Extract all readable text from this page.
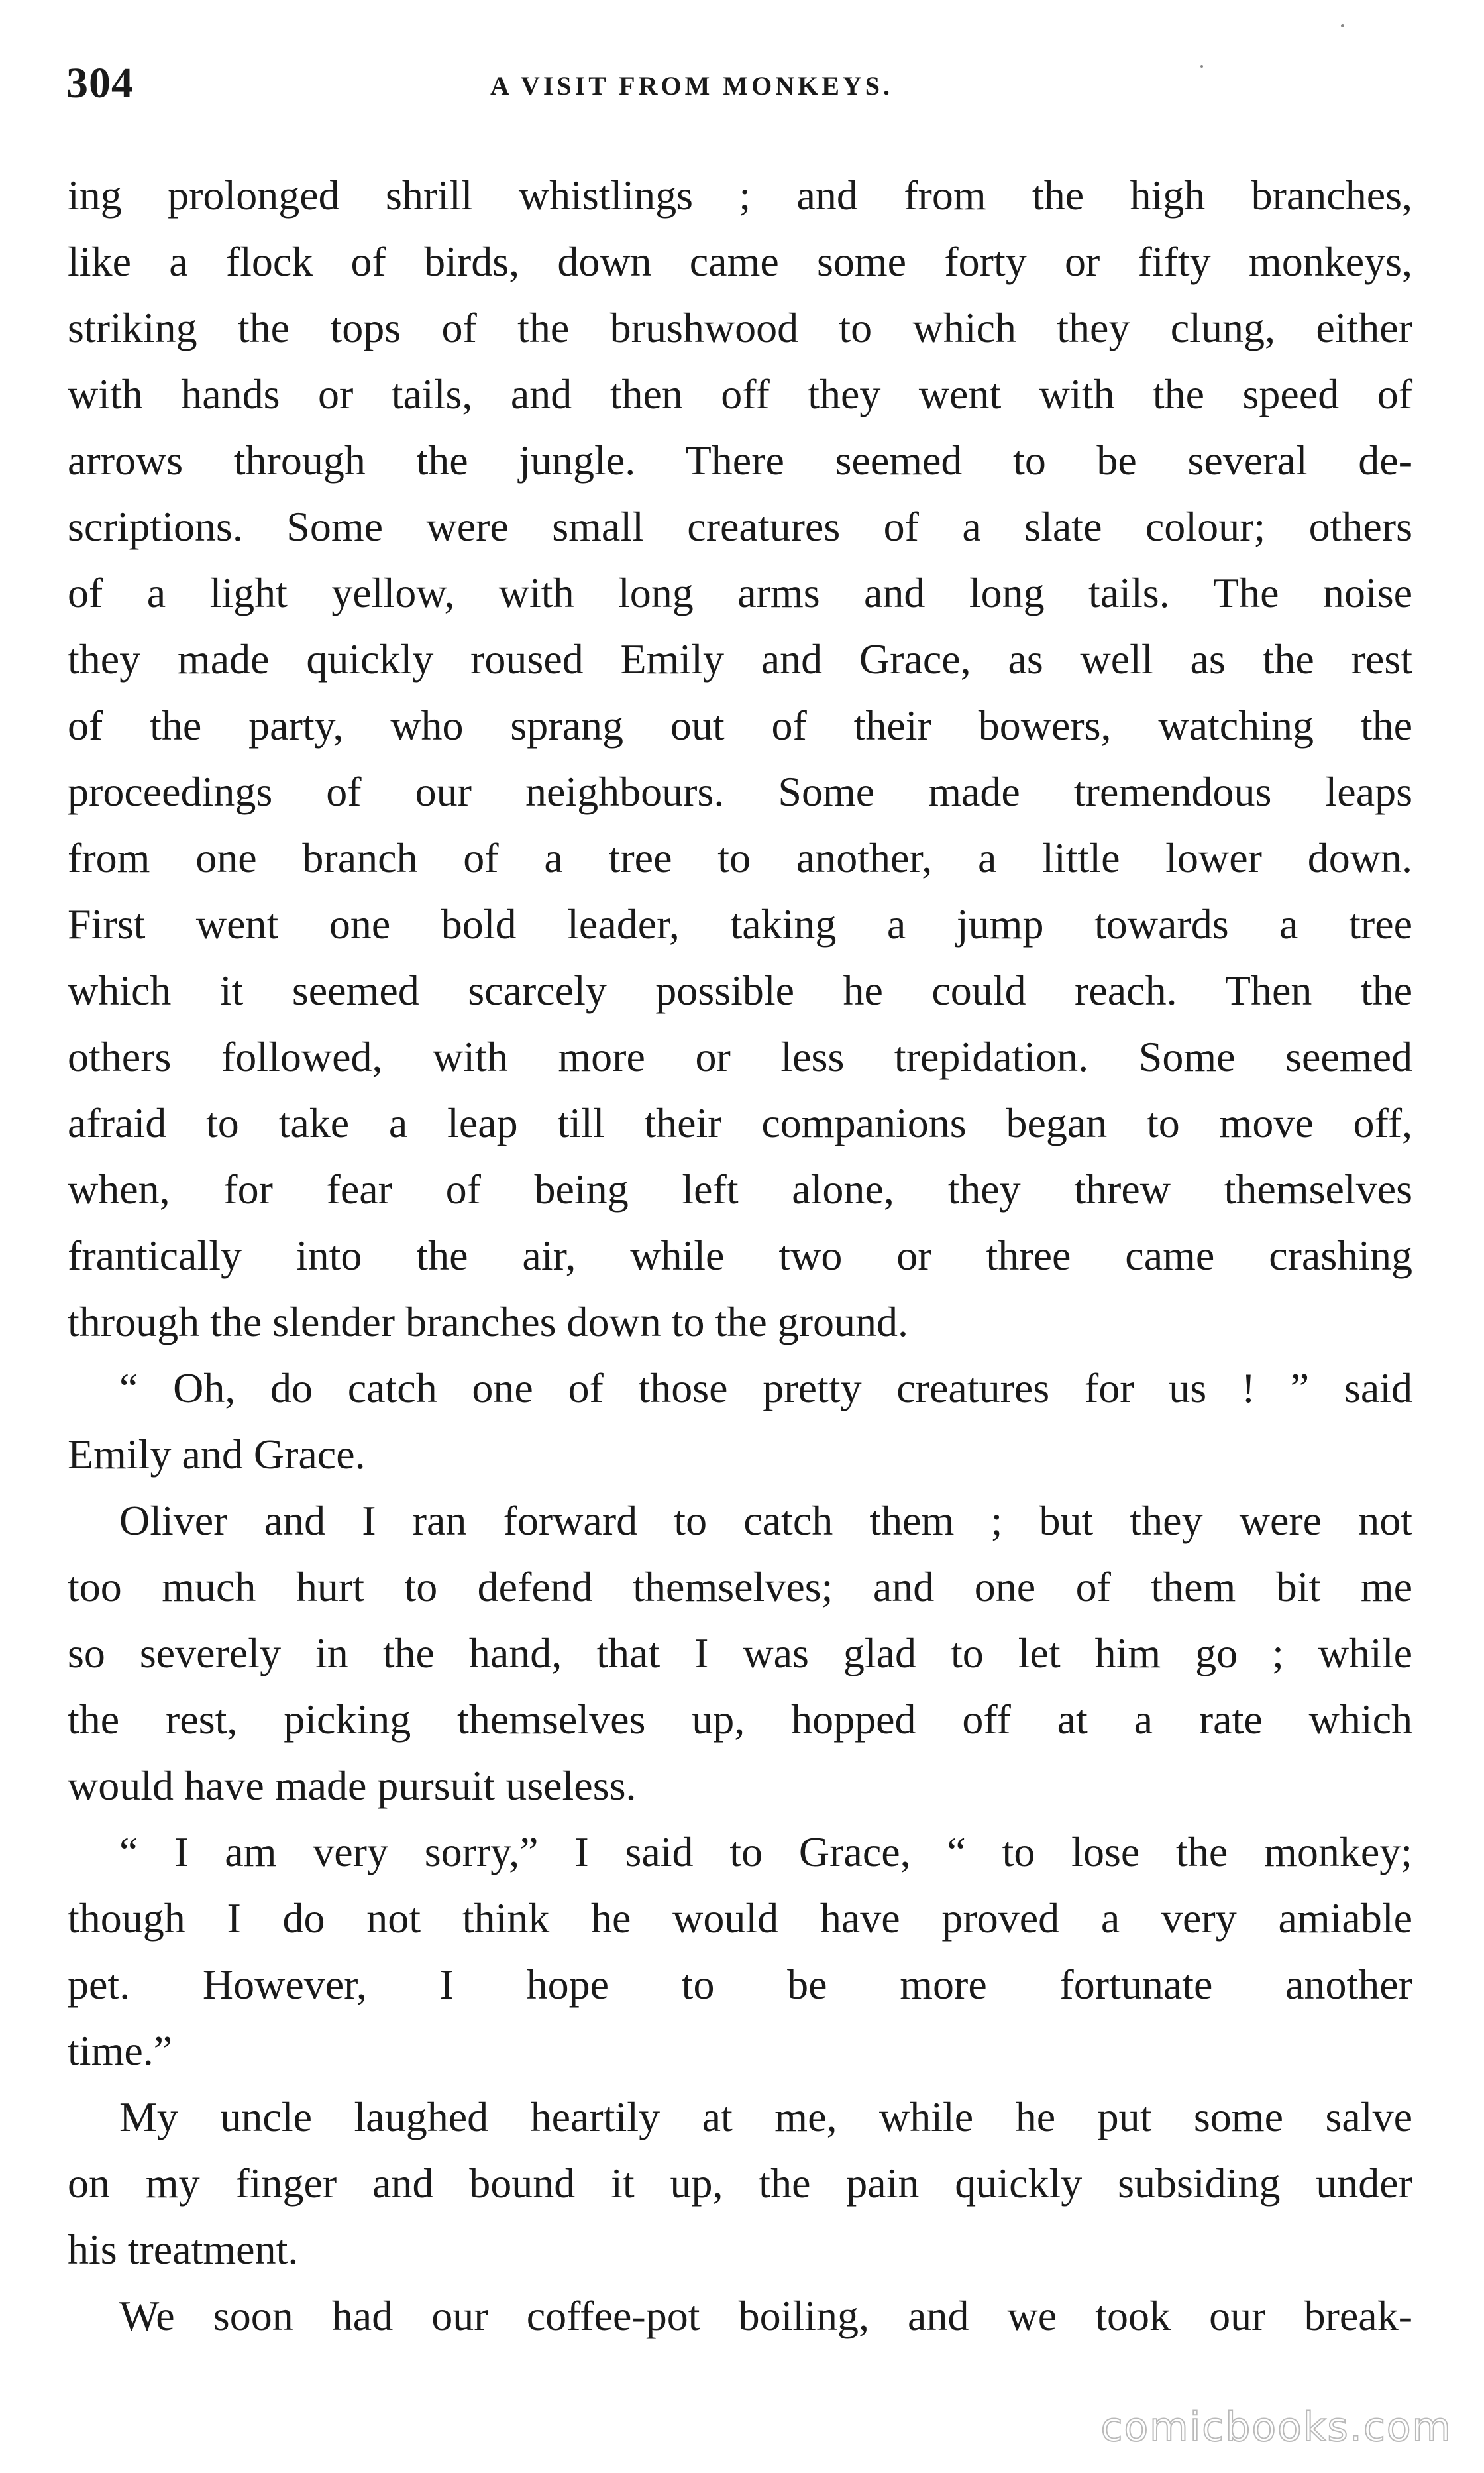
304	A VISIT FROM MONKEYS.
ing prolonged shrill whistlings ; and from the high branches,
like a flock of birds, down came some forty or fifty monkeys,
striking the tops of the brushwood to which they clung, either
with hands or tails, and then off they went with the speed of
arrows through the jungle. There seemed to be several de-
scriptions. Some were small creatures of a slate colour; others
of a light yellow, with long arms and long tails. The noise
they made quickly roused Emily and Grace, as well as the rest
of the party, who sprang out of their bowers, watching the
proceedings of our neighbours. Some made tremendous leaps
from one branch of a tree to another, a little lower down.
First went one bold leader, taking a jump towards a tree
which it seemed scarcely possible he could reach. Then the
others followed, with more or less trepidation. Some seemed
afraid to take a leap till their companions began to move off,
when, for fear of being left alone, they threw themselves
frantically into the air, while two or three came crashing
through the slender branches down to the ground.
“ Oh, do catch one of those pretty creatures for us ! ” said
Emily and Grace.
Oliver and I ran forward to catch them ; but they were not
too much hurt to defend themselves; and one of them bit me
so severely in the hand, that I was glad to let him go ; while
the rest, picking themselves up, hopped off at a rate which
would have made pursuit useless.
“ I am very sorry,” I said to Grace, “ to lose the monkey;
though I do not think he would have proved a very amiable
pet. However, I hope to be more fortunate another
time.”
My uncle laughed heartily at me, while he put some salve
on my finger and bound it up, the pain quickly subsiding under
his treatment.
We soon had our coffee-pot boiling, and we took our break-
comicbooks.com
